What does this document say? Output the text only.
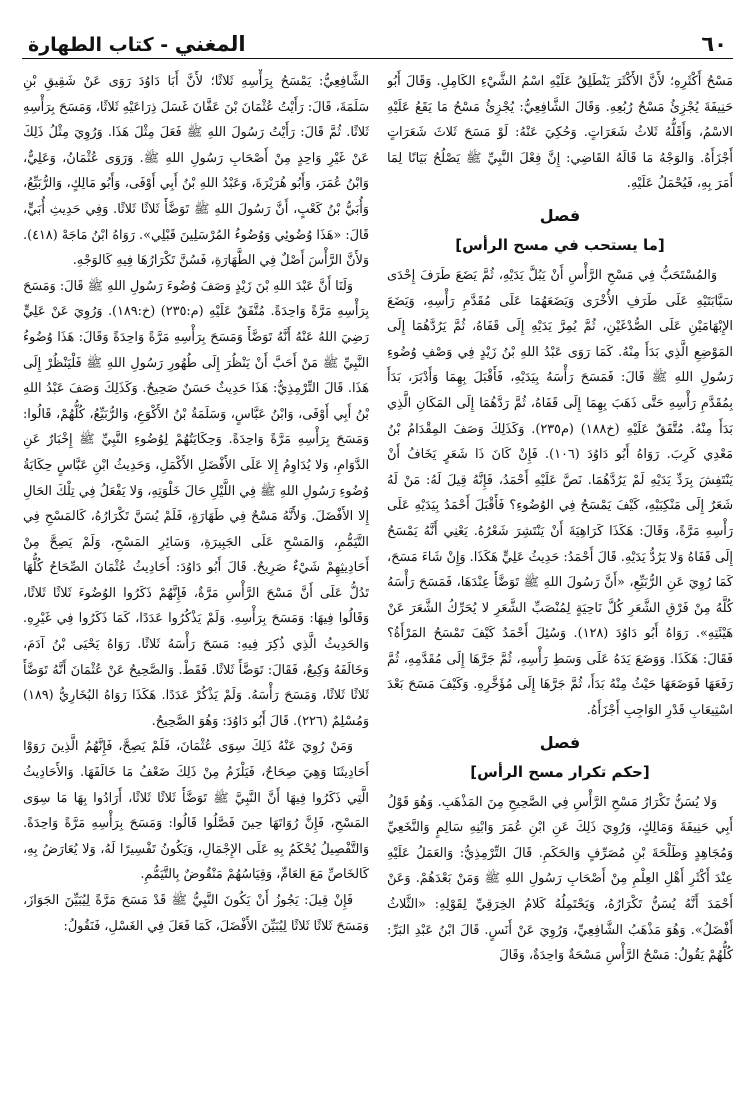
٦٠
المغني - كتاب الطهارة

مَسْحُ أَكْثَرِهِ؛ لأَنَّ الأَكْثَرَ يَنْطَلِقُ عَلَيْهِ اسْمُ الشَّيْءِ الكَامِلِ. وَقَالَ أَبُو حَنِيفَةَ يُجْزِئُ مَسْحُ رُبُعِهِ. وَقَالَ الشَّافِعِيُّ: يُجْزِئُ مَسْحُ مَا يَقَعُ عَلَيْهِ الاسْمُ، وَأَقَلُّهُ ثَلاثُ شَعَرَاتٍ. وَحُكِيَ عَنْهُ: لَوْ مَسَحَ ثَلاثَ شَعَرَاتٍ أَجْزَأَهُ. وَالوَجْهُ مَا قَالَهُ القَاضِي: إِنَّ فِعْلَ النَّبِيِّ ﷺ يَصْلُحُ بَيَانًا لِمَا أَمَرَ بِهِ، فَيُحْمَلُ عَلَيْهِ.

فصل
[ما يستحب في مسح الرأس]

وَالمُسْتَحَبُّ فِي مَسْحِ الرَّأْسِ أَنْ يَبُلَّ يَدَيْهِ، ثُمَّ يَضَعَ طَرَفَ إِحْدَى سَبَّابَتَيْهِ عَلَى طَرَفِ الأُخْرَى وَيَضَعَهُمَا عَلَى مُقَدَّمِ رَأْسِهِ، وَيَضَعَ الإِبْهَامَيْنِ عَلَى الصُّدْغَيْنِ، ثُمَّ يُمِرَّ يَدَيْهِ إِلَى قَفَاهُ، ثُمَّ يَرُدَّهُمَا إِلَى المَوْضِعِ الَّذِي بَدَأَ مِنْهُ. كَمَا رَوَى عَبْدُ اللهِ بْنُ زَيْدٍ فِي وَصْفِ وُضُوءِ رَسُولِ اللهِ ﷺ قَالَ: فَمَسَحَ رَأْسَهُ بِيَدَيْهِ، فَأَقْبَلَ بِهِمَا وَأَدْبَرَ، بَدَأَ بِمُقَدَّمِ رَأْسِهِ حَتَّى ذَهَبَ بِهِمَا إِلَى قَفَاهُ، ثُمَّ رَدَّهُمَا إِلَى المَكَانِ الَّذِي بَدَأَ مِنْهُ. مُتَّفَقٌ عَلَيْهِ (خ١٨٨) (م٢٣٥). وَكَذَلِكَ وَصَفَ المِقْدَامُ بْنُ مَعْدِي كَرِبَ. رَوَاهُ أَبُو دَاوُدَ (١٠٦). فَإِنْ كَانَ ذَا شَعَرٍ يَخَافُ أَنْ يَنْتَفِشَ بِرَدِّ يَدَيْهِ لَمْ يَرُدَّهُمَا. نَصَّ عَلَيْهِ أَحْمَدُ، فَإِنَّهُ قِيلَ لَهُ: مَنْ لَهُ شَعَرٌ إِلَى مَنْكِبَيْهِ، كَيْفَ يَمْسَحُ فِي الوُضُوءِ؟ فَأَقْبَلَ أَحْمَدُ بِيَدَيْهِ عَلَى رَأْسِهِ مَرَّةً، وَقَالَ: هَكَذَا كَرَاهِيَةَ أَنْ يَنْتَشِرَ شَعْرُهُ. يَعْنِي أَنَّهُ يَمْسَحُ إِلَى قَفَاهُ وَلا يَرُدُّ يَدَيْهِ. قَالَ أَحْمَدُ: حَدِيثُ عَلِيٍّ هَكَذَا. وَإِنْ شَاءَ مَسَحَ، كَمَا رُوِيَ عَنِ الرُّبَيِّعِ، «أَنَّ رَسُولَ اللهِ ﷺ تَوَضَّأَ عِنْدَهَا، فَمَسَحَ رَأْسَهُ كُلَّهُ مِنْ فَرْقِ الشَّعَرِ كُلَّ نَاحِيَةٍ لِمُنْصَبِّ الشَّعَرِ لا يُحَرِّكُ الشَّعَرَ عَنْ هَيْئَتِهِ». رَوَاهُ أَبُو دَاوُدَ (١٢٨). وَسُئِلَ أَحْمَدُ كَيْفَ تَمْسَحُ المَرْأَةُ؟ فَقَالَ: هَكَذَا. وَوَضَعَ يَدَهُ عَلَى وَسَطِ رَأْسِهِ، ثُمَّ جَرَّهَا إِلَى مُقَدَّمِهِ، ثُمَّ رَفَعَهَا فَوَضَعَهَا حَيْثُ مِنْهُ بَدَأَ، ثُمَّ جَرَّهَا إِلَى مُؤَخَّرِهِ. وَكَيْفَ مَسَحَ بَعْدَ اسْتِيعَابِ قَدْرِ الوَاجِبِ أَجْزَأَهُ.

فصل
[حكم تكرار مسح الرأس]

وَلا يُسَنُّ تَكْرَارُ مَسْحِ الرَّأْسِ فِي الصَّحِيحِ مِنَ المَذْهَبِ. وَهُوَ قَوْلُ أَبِي حَنِيفَةَ وَمَالِكٍ، وَرُوِيَ ذَلِكَ عَنِ ابْنِ عُمَرَ وَابْنِهِ سَالِمٍ وَالنَّخَعِيِّ وَمُجَاهِدٍ وَطَلْحَةَ بْنِ مُصَرِّفٍ وَالحَكَمِ. قَالَ التِّرْمِذِيُّ: وَالعَمَلُ عَلَيْهِ عِنْدَ أَكْثَرِ أَهْلِ العِلْمِ مِنْ أَصْحَابِ رَسُولِ اللهِ ﷺ وَمَنْ بَعْدَهُمْ. وَعَنْ أَحْمَدَ أَنَّهُ يُسَنُّ تَكْرَارُهُ، وَيَحْتَمِلُهُ كَلامُ الخِرَقِيِّ لِقَوْلِهِ: «الثَّلاثُ أَفْضَلُ». وَهُوَ مَذْهَبُ الشَّافِعِيِّ، وَرُوِيَ عَنْ أَنَسٍ. قَالَ ابْنُ عَبْدِ البَرِّ: كُلُّهُمْ يَقُولُ: مَسْحُ الرَّأْسِ مَسْحَةٌ وَاحِدَةٌ، وَقَالَ

الشَّافِعِيُّ: يَمْسَحُ بِرَأْسِهِ ثَلاثًا؛ لأَنَّ أَبَا دَاوُدَ رَوَى عَنْ شَقِيقِ بْنِ سَلَمَةَ، قَالَ: رَأَيْتُ عُثْمَانَ بْنَ عَفَّانَ غَسَلَ ذِرَاعَيْهِ ثَلاثًا، وَمَسَحَ بِرَأْسِهِ ثَلاثًا. ثُمَّ قَالَ: رَأَيْتُ رَسُولَ اللهِ ﷺ فَعَلَ مِثْلَ هَذَا. وَرُوِيَ مِثْلُ ذَلِكَ عَنْ غَيْرِ وَاحِدٍ مِنْ أَصْحَابِ رَسُولِ اللهِ ﷺ. وَرَوَى عُثْمَانُ، وَعَلِيٌّ، وَابْنُ عُمَرَ، وَأَبُو هُرَيْرَةَ، وَعَبْدُ اللهِ بْنُ أَبِي أَوْفَى، وَأَبُو مَالِكٍ، وَالرُّبَيِّعُ، وَأُبَيُّ بْنُ كَعْبٍ، أَنَّ رَسُولَ اللهِ ﷺ تَوَضَّأَ ثَلاثًا ثَلاثًا. وَفِي حَدِيثِ أُبَيٍّ، قَالَ: «هَذَا وُضُوئِي وَوُضُوءُ المُرْسَلِينَ قَبْلِي». رَوَاهُ ابْنُ مَاجَهْ (٤١٨). وَلأَنَّ الرَّأْسَ أَصْلٌ فِي الطَّهَارَةِ، فَسُنَّ تَكْرَارُهَا فِيهِ كَالوَجْهِ.

وَلَنَا أَنَّ عَبْدَ اللهِ بْنَ زَيْدٍ وَصَفَ وُضُوءَ رَسُولِ اللهِ ﷺ قَالَ: وَمَسَحَ بِرَأْسِهِ مَرَّةً وَاحِدَةً. مُتَّفَقٌ عَلَيْهِ (م:٢٣٥) (خ:١٨٩). وَرُوِيَ عَنْ عَلِيٍّ رَضِيَ اللهُ عَنْهُ أَنَّهُ تَوَضَّأَ وَمَسَحَ بِرَأْسِهِ مَرَّةً وَاحِدَةً وَقَالَ: هَذَا وُضُوءُ النَّبِيِّ ﷺ مَنْ أَحَبَّ أَنْ يَنْظُرَ إِلَى طُهُورِ رَسُولِ اللهِ ﷺ فَلْيَنْظُرْ إِلَى هَذَا. قَالَ التِّرْمِذِيُّ: هَذَا حَدِيثٌ حَسَنٌ صَحِيحٌ. وَكَذَلِكَ وَصَفَ عَبْدُ اللهِ بْنُ أَبِي أَوْفَى، وَابْنُ عَبَّاسٍ، وَسَلَمَةُ بْنُ الأَكْوَعِ، وَالرُّبَيِّعُ، كُلُّهُمْ، قَالُوا: وَمَسَحَ بِرَأْسِهِ مَرَّةً وَاحِدَةً. وَحِكَايَتُهُمْ لِوُضُوءِ النَّبِيِّ ﷺ إِخْبَارٌ عَنِ الدَّوَامِ، وَلا يُدَاوِمُ إِلا عَلَى الأَفْضَلِ الأَكْمَلِ، وَحَدِيثُ ابْنِ عَبَّاسٍ حِكَايَةُ وُضُوءِ رَسُولِ اللهِ ﷺ فِي اللَّيْلِ حَالَ خَلْوَتِهِ، وَلا يَفْعَلُ فِي تِلْكَ الحَالِ إِلا الأَفْضَلَ. وَلأَنَّهُ مَسْحٌ فِي طَهَارَةٍ، فَلَمْ يُسَنَّ تَكْرَارُهُ، كَالمَسْحِ فِي التَّيَمُّمِ، وَالمَسْحِ عَلَى الجَبِيرَةِ، وَسَائِرِ المَسْحِ، وَلَمْ يَصِحَّ مِنْ أَحَادِيثِهِمْ شَيْءٌ صَرِيحٌ. قَالَ أَبُو دَاوُدَ: أَحَادِيثُ عُثْمَانَ الصِّحَاحُ كُلُّهَا تَدُلُّ عَلَى أَنَّ مَسْحَ الرَّأْسِ مَرَّةٌ، فَإِنَّهُمْ ذَكَرُوا الوُضُوءَ ثَلاثًا ثَلاثًا، وَقَالُوا فِيهَا: وَمَسَحَ بِرَأْسِهِ. وَلَمْ يَذْكُرُوا عَدَدًا، كَمَا ذَكَرُوا فِي غَيْرِهِ. وَالحَدِيثُ الَّذِي ذُكِرَ فِيهِ: مَسَحَ رَأْسَهُ ثَلاثًا. رَوَاهُ يَحْيَى بْنُ آدَمَ، وَخَالَفَهُ وَكِيعٌ، فَقَالَ: تَوَضَّأَ ثَلاثًا. فَقَطْ. وَالصَّحِيحُ عَنْ عُثْمَانَ أَنَّهُ تَوَضَّأَ ثَلاثًا ثَلاثًا، وَمَسَحَ رَأْسَهُ. وَلَمْ يَذْكُرْ عَدَدًا. هَكَذَا رَوَاهُ البُخَارِيُّ (١٨٩) وَمُسْلِمٌ (٢٢٦). قَالَ أَبُو دَاوُدَ: وَهُوَ الصَّحِيحُ.

وَمَنْ رُوِيَ عَنْهُ ذَلِكَ سِوَى عُثْمَانَ، فَلَمْ يَصِحَّ، فَإِنَّهُمُ الَّذِينَ رَوَوْا أَحَادِيثَنَا وَهِيَ صِحَاحٌ، فَيَلْزَمُ مِنْ ذَلِكَ ضَعْفُ مَا خَالَفَهَا. وَالأَحَادِيثُ الَّتِي ذَكَرُوا فِيهَا أَنَّ النَّبِيَّ ﷺ تَوَضَّأَ ثَلاثًا ثَلاثًا، أَرَادُوا بِهَا مَا سِوَى المَسْحِ، فَإِنَّ رُوَاتَهَا حِينَ فَصَّلُوا قَالُوا: وَمَسَحَ بِرَأْسِهِ مَرَّةً وَاحِدَةً. وَالتَّفْصِيلُ يُحْكَمُ بِهِ عَلَى الإِجْمَالِ، وَيَكُونُ تَفْسِيرًا لَهُ، وَلا يُعَارَضُ بِهِ، كَالخَاصِّ مَعَ العَامِّ، وَقِيَاسُهُمْ مَنْقُوضٌ بِالتَّيَمُّمِ.

فَإِنْ قِيلَ: يَجُوزُ أَنْ يَكُونَ النَّبِيُّ ﷺ قَدْ مَسَحَ مَرَّةً لِيُبَيِّنَ الجَوَازَ، وَمَسَحَ ثَلاثًا ثَلاثًا لِيُبَيِّنَ الأَفْضَلَ، كَمَا فَعَلَ فِي الغَسْلِ، فَنَقُولُ:
